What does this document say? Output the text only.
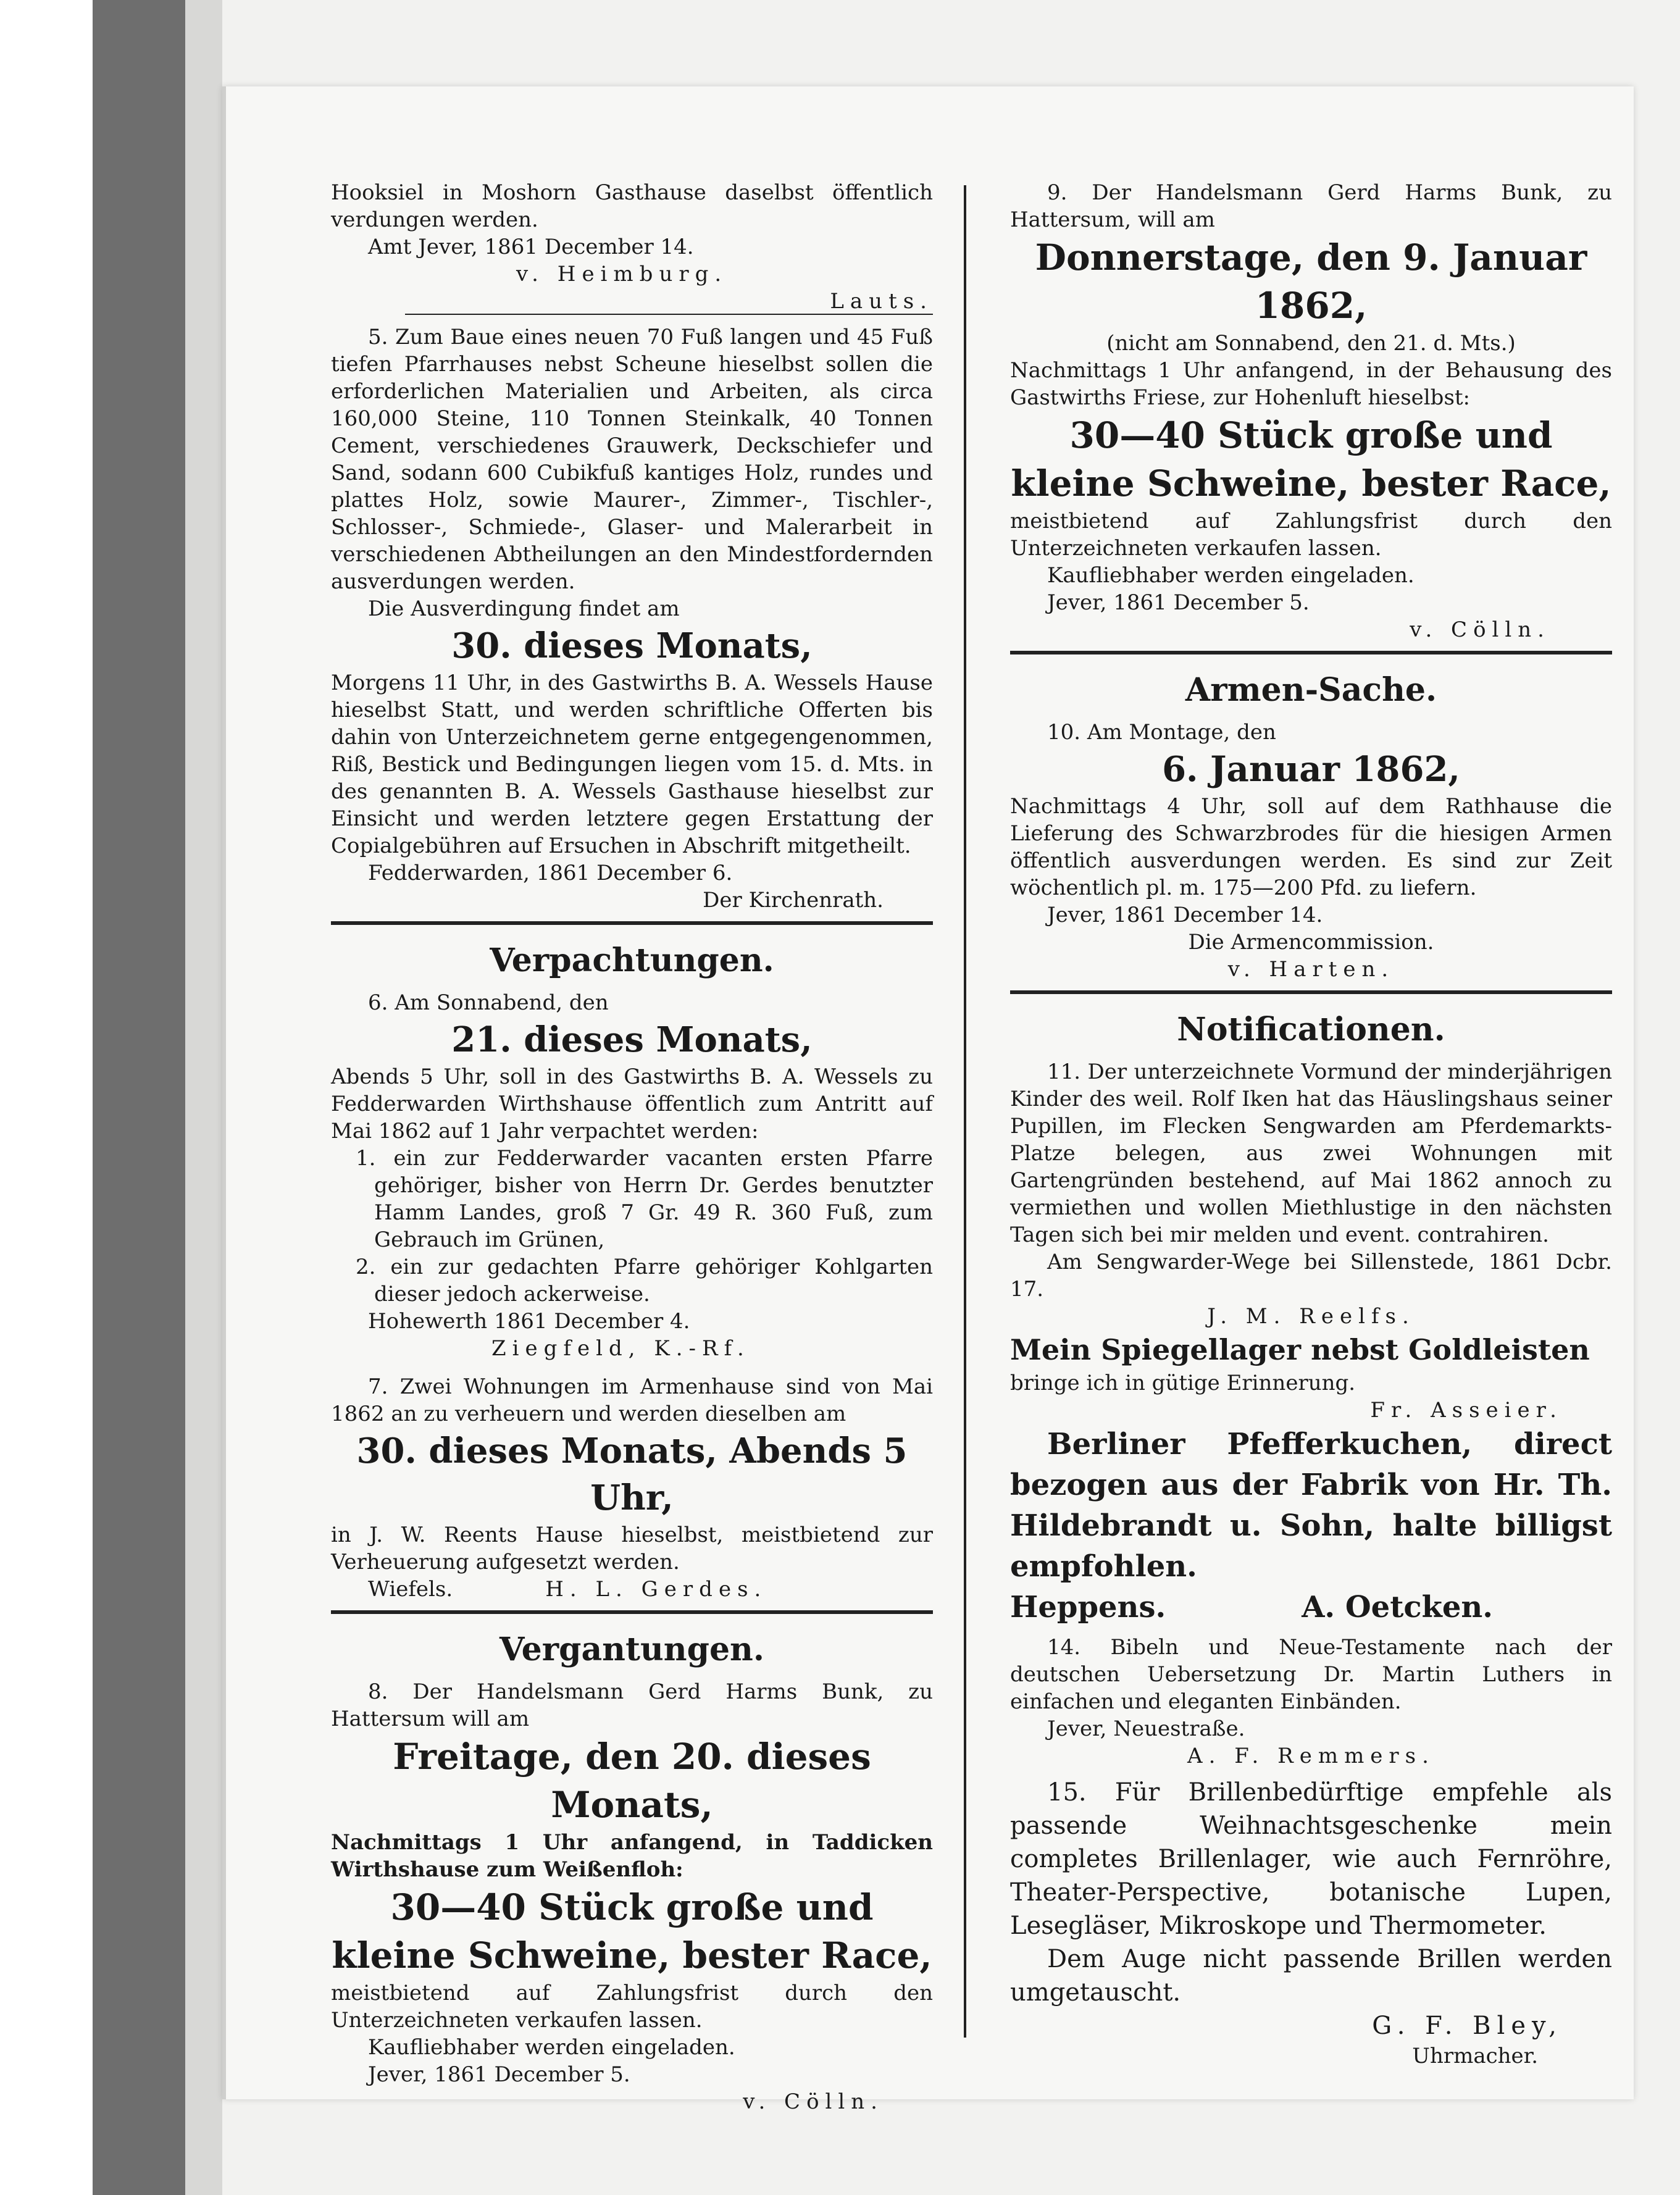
Hooksiel in Moshorn Gasthause daselbst öffentlich verdungen werden.

Amt Jever, 1861 December 14.

v. Heimburg.

Lauts.

5. Zum Baue eines neuen 70 Fuß langen und 45 Fuß tiefen Pfarrhauses nebst Scheune hieselbst sollen die erforderlichen Materialien und Arbeiten, als circa 160,000 Steine, 110 Tonnen Steinkalk, 40 Tonnen Cement, verschiedenes Grauwerk, Deckschiefer und Sand, sodann 600 Cubikfuß kantiges Holz, rundes und plattes Holz, sowie Maurer-, Zimmer-, Tischler-, Schlosser-, Schmiede-, Glaser- und Malerarbeit in verschiedenen Abtheilungen an den Mindestfordernden ausverdungen werden.

Die Ausverdingung findet am

30. dieses Monats,

Morgens 11 Uhr, in des Gastwirths B. A. Wessels Hause hieselbst Statt, und werden schriftliche Offerten bis dahin von Unterzeichnetem gerne entgegengenommen, Riß, Bestick und Bedingungen liegen vom 15. d. Mts. in des genannten B. A. Wessels Gasthause hieselbst zur Einsicht und werden letztere gegen Erstattung der Copialgebühren auf Ersuchen in Abschrift mitgetheilt.

Fedderwarden, 1861 December 6.

Der Kirchenrath.

Verpachtungen.

6. Am Sonnabend, den

21. dieses Monats,

Abends 5 Uhr, soll in des Gastwirths B. A. Wessels zu Fedderwarden Wirthshause öffentlich zum Antritt auf Mai 1862 auf 1 Jahr verpachtet werden:

1. ein zur Fedderwarder vacanten ersten Pfarre gehöriger, bisher von Herrn Dr. Gerdes benutzter Hamm Landes, groß 7 Gr. 49 R. 360 Fuß, zum Gebrauch im Grünen,

2. ein zur gedachten Pfarre gehöriger Kohlgarten dieser jedoch ackerweise.

Hohewerth 1861 December 4.

Ziegfeld, K.-Rf.

7. Zwei Wohnungen im Armenhause sind von Mai 1862 an zu verheuern und werden dieselben am

30. dieses Monats, Abends 5 Uhr,

in J. W. Reents Hause hieselbst, meistbietend zur Verheuerung aufgesetzt werden.

Wiefels.	H. L. Gerdes.

Vergantungen.

8. Der Handelsmann Gerd Harms Bunk, zu Hattersum will am

Freitage, den 20. dieses Monats,

Nachmittags 1 Uhr anfangend, in Taddicken Wirthshause zum Weißenfloh:

30—40 Stück große und kleine Schweine, bester Race,

meistbietend auf Zahlungsfrist durch den Unterzeichneten verkaufen lassen.

Kaufliebhaber werden eingeladen.

Jever, 1861 December 5.

v. Cölln.

9. Der Handelsmann Gerd Harms Bunk, zu Hattersum, will am

Donnerstage, den 9. Januar 1862,

(nicht am Sonnabend, den 21. d. Mts.)

Nachmittags 1 Uhr anfangend, in der Behausung des Gastwirths Friese, zur Hohenluft hieselbst:

30—40 Stück große und kleine Schweine, bester Race,

meistbietend auf Zahlungsfrist durch den Unterzeichneten verkaufen lassen.

Kaufliebhaber werden eingeladen.

Jever, 1861 December 5.

v. Cölln.

Armen-Sache.

10. Am Montage, den

6. Januar 1862,

Nachmittags 4 Uhr, soll auf dem Rathhause die Lieferung des Schwarzbrodes für die hiesigen Armen öffentlich ausverdungen werden. Es sind zur Zeit wöchentlich pl. m. 175—200 Pfd. zu liefern.

Jever, 1861 December 14.

Die Armencommission.

v. Harten.

Notificationen.

11. Der unterzeichnete Vormund der minderjährigen Kinder des weil. Rolf Iken hat das Häuslingshaus seiner Pupillen, im Flecken Sengwarden am Pferdemarkts-Platze belegen, aus zwei Wohnungen mit Gartengründen bestehend, auf Mai 1862 annoch zu vermiethen und wollen Miethlustige in den nächsten Tagen sich bei mir melden und event. contrahiren.

Am Sengwarder-Wege bei Sillenstede, 1861 Dcbr. 17.

J. M. Reelfs.

Mein Spiegellager nebst Goldleisten

bringe ich in gütige Erinnerung.

Fr. Asseier.

Berliner Pfefferkuchen, direct bezogen aus der Fabrik von Hr. Th. Hildebrandt u. Sohn, halte billigst empfohlen.

Heppens.	A. Oetcken.

14. Bibeln und Neue-Testamente nach der deutschen Uebersetzung Dr. Martin Luthers in einfachen und eleganten Einbänden.

Jever, Neuestraße.

A. F. Remmers.

15. Für Brillenbedürftige empfehle als passende Weihnachtsgeschenke mein completes Brillenlager, wie auch Fernröhre, Theater-Perspective, botanische Lupen, Lesegläser, Mikroskope und Thermometer.

Dem Auge nicht passende Brillen werden umgetauscht.

G. F. Bley,

Uhrmacher.
